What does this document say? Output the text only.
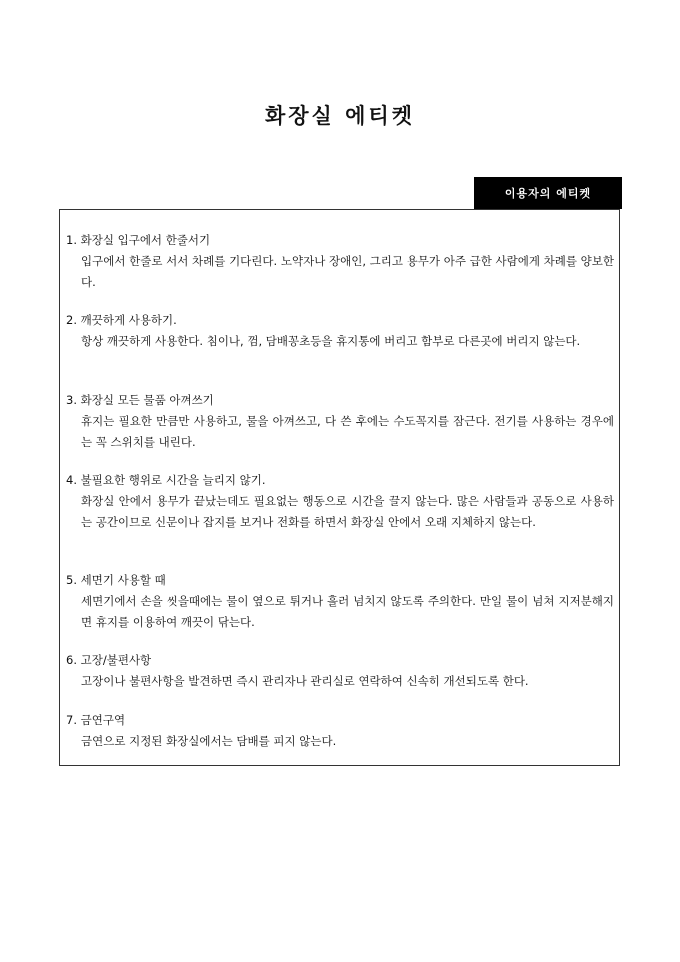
화장실 에티켓
이용자의 에티켓
1. 화장실 입구에서 한줄서기
입구에서 한줄로 서서 차례를 기다린다. 노약자나 장애인, 그리고 용무가 아주 급한 사람에게 차례를 양보한다.
2. 깨끗하게 사용하기.
항상 깨끗하게 사용한다. 침이나, 껌, 담배꽁초등을 휴지통에 버리고 함부로 다른곳에 버리지 않는다.
3. 화장실 모든 물품 아껴쓰기
휴지는 필요한 만큼만 사용하고, 물을 아껴쓰고, 다 쓴 후에는 수도꼭지를 잠근다. 전기를 사용하는 경우에는 꼭 스위치를 내린다.
4. 불필요한 행위로 시간을 늘리지 않기.
화장실 안에서 용무가 끝났는데도 필요없는 행동으로 시간을 끌지 않는다. 많은 사람들과 공동으로 사용하는 공간이므로 신문이나 잡지를 보거나 전화를 하면서 화장실 안에서 오래 지체하지 않는다.
5. 세면기 사용할 때
세면기에서 손을 씻을때에는 물이 옆으로 튀거나 흘러 넘치지 않도록 주의한다. 만일 물이 넘쳐 지저분해지면 휴지를 이용하여 깨끗이 닦는다.
6. 고장/불편사항
고장이나 불편사항을 발견하면 즉시 관리자나 관리실로 연락하여 신속히 개선되도록 한다.
7. 금연구역
금연으로 지정된 화장실에서는 담배를 피지 않는다.
